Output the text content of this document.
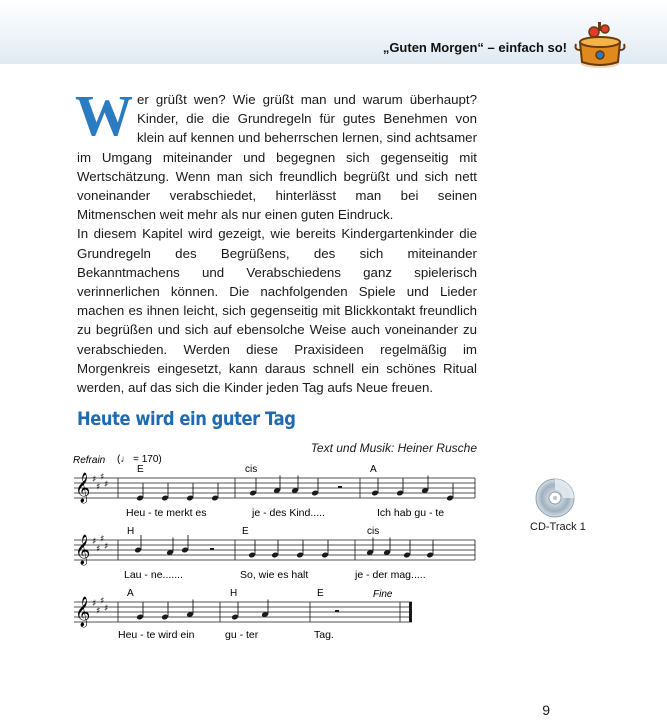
„Guten Morgen“ – einfach so!

Wer grüßt wen? Wie grüßt man und warum überhaupt? Kinder, die die Grundregeln für gutes Benehmen von klein auf kennen und beherrschen lernen, sind achtsamer im Umgang miteinander und begegnen sich gegenseitig mit Wertschätzung. Wenn man sich freundlich begrüßt und sich nett voneinander verabschiedet, hinterlässt man bei seinen Mitmenschen weit mehr als nur einen guten Eindruck.

In diesem Kapitel wird gezeigt, wie bereits Kindergartenkinder die Grundregeln des Begrüßens, des sich miteinander Bekanntmachens und Verabschiedens ganz spielerisch verinnerlichen können. Die nachfolgenden Spiele und Lieder machen es ihnen leicht, sich gegenseitig mit Blickkontakt freundlich zu begrüßen und sich auf ebensolche Weise auch voneinander zu verabschieden. Werden diese Praxisideen regelmäßig im Morgenkreis eingesetzt, kann daraus schnell ein schönes Ritual werden, auf das sich die Kinder jeden Tag aufs Neue freuen.

Heute wird ein guter Tag
Text und Musik: Heiner Rusche
CD-Track 1
Refrain (♩ = 170)
Fine
E	cis	A
H	E	cis
A	H	E
𝄞 ♯
♯
♯
♯
𝄞 ♯
♯
♯
♯
𝄞 ♯
♯
♯
♯
Heu - te merkt es	je - des Kind.....	Ich hab gu - te
Lau - ne.......	So, wie es halt	je - der mag.....
Heu - te wird ein	gu - ter	Tag.
9
